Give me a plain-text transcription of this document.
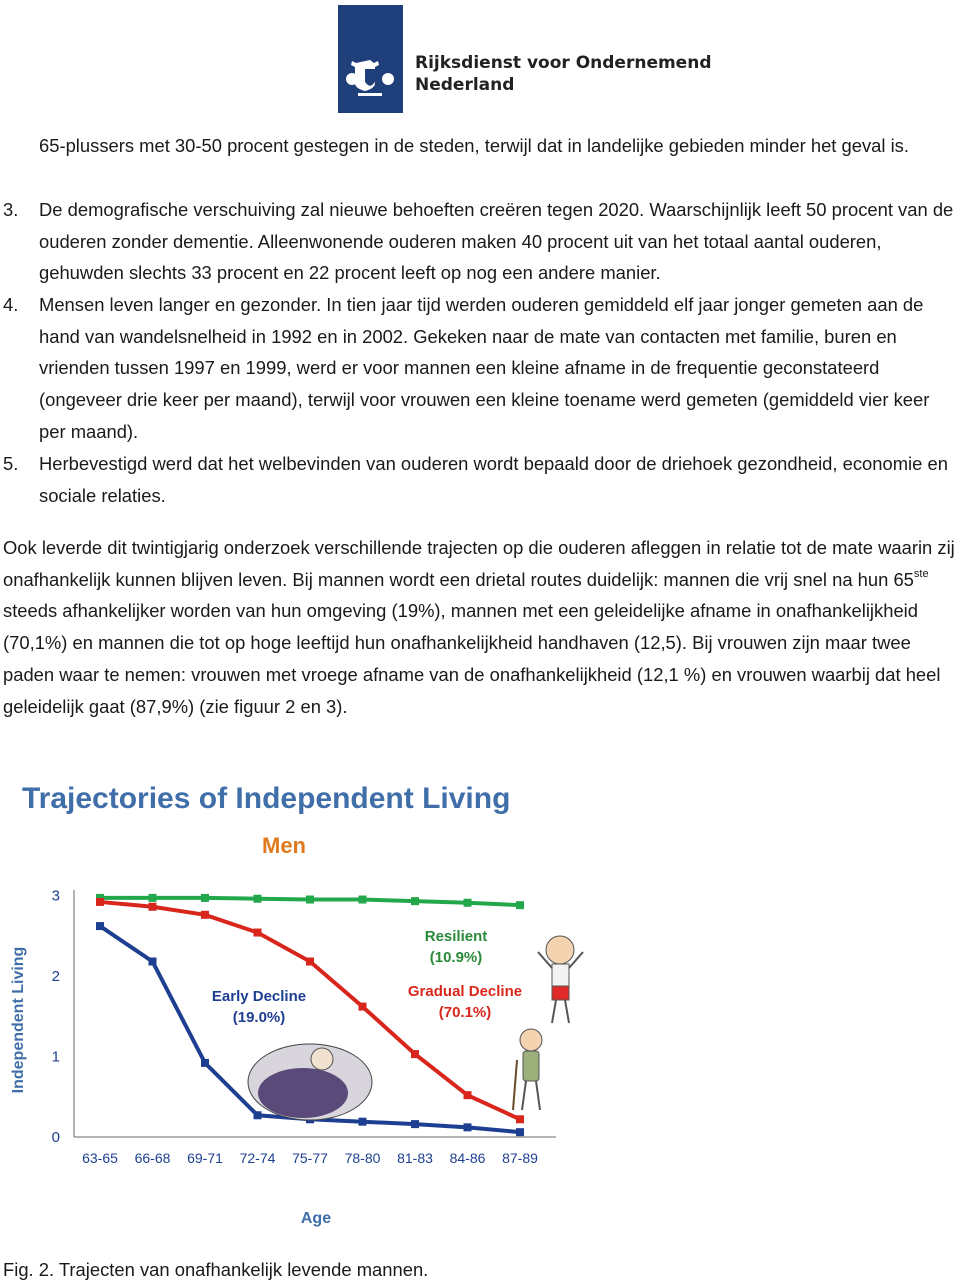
Rijksdienst voor Ondernemend
Nederland
65-plussers met 30-50 procent gestegen in de steden, terwijl dat in landelijke gebieden minder het geval is.
3.	De demografische verschuiving zal nieuwe behoeften creëren tegen 2020. Waarschijnlijk leeft 50 procent van de ouderen zonder dementie. Alleenwonende ouderen maken 40 procent uit van het totaal aantal ouderen, gehuwden slechts 33 procent en 22 procent leeft op nog een andere manier.
4.	Mensen leven langer en gezonder. In tien jaar tijd werden ouderen gemiddeld elf jaar jonger gemeten aan de hand van wandelsnelheid in 1992 en in 2002. Gekeken naar de mate van contacten met familie, buren en vrienden tussen 1997 en 1999, werd er voor mannen een kleine afname in de frequentie geconstateerd (ongeveer drie keer per maand), terwijl voor vrouwen een kleine toename werd gemeten (gemiddeld vier keer per maand).
5.	Herbevestigd werd dat het welbevinden van ouderen wordt bepaald door de driehoek gezondheid, economie en sociale relaties.
Ook leverde dit twintigjarig onderzoek verschillende trajecten op die ouderen afleggen in relatie tot de mate waarin zij onafhankelijk kunnen blijven leven. Bij mannen wordt een drietal routes duidelijk: mannen die vrij snel na hun 65ste steeds afhankelijker worden van hun omgeving (19%), mannen met een geleidelijke afname in onafhankelijkheid (70,1%) en mannen die tot op hoge leeftijd hun onafhankelijkheid handhaven (12,5). Bij vrouwen zijn maar twee paden waar te nemen: vrouwen met vroege afname van de onafhankelijkheid (12,1 %) en vrouwen waarbij dat heel geleidelijk gaat (87,9%) (zie figuur 2 en 3).
Trajectories of Independent Living
Men
Independent Living
Age
0
1
2
3
63-65 66-68 69-71 72-74 75-77 78-80 81-83 84-86 87-89
Resilient
(10.9%)
Gradual Decline
(70.1%)
Early Decline
(19.0%)
Fig. 2. Trajecten van onafhankelijk levende mannen.
